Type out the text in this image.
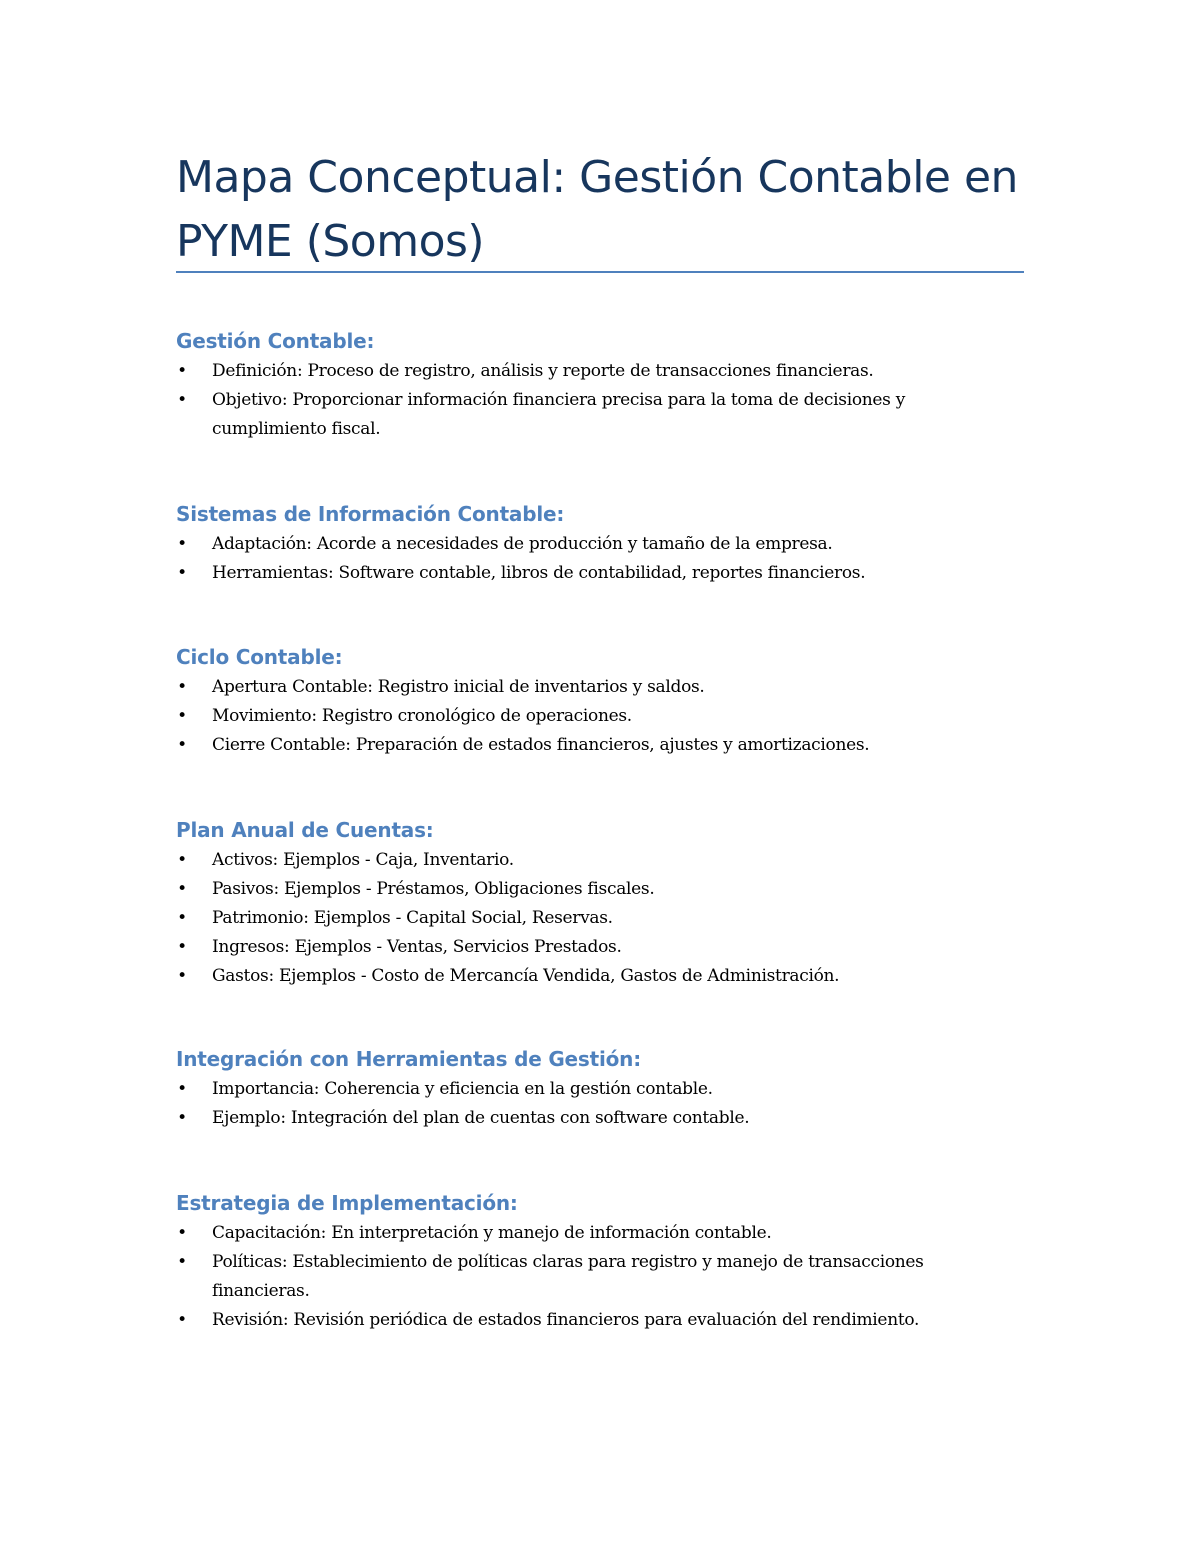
Mapa Conceptual: Gestión Contable en PYME (Somos)
Gestión Contable:
• Definición : Proceso de registro, análisis y reporte de transacciones financieras.
• Objetivo : Proporcionar información financiera precisa para la toma de decisiones y cumplimiento fiscal.
Sistemas de Información Contable:
• Adaptación : Acorde a necesidades de producción y tamaño de la empresa.
• Herramientas : Software contable, libros de contabilidad, reportes financieros.
Ciclo Contable:
• Apertura Contable : Registro inicial de inventarios y saldos.
• Movimiento : Registro cronológico de operaciones.
• Cierre Contable : Preparación de estados financieros, ajustes y amortizaciones.
Plan Anual de Cuentas:
• Activos : Ejemplos - Caja, Inventario.
• Pasivos : Ejemplos - Préstamos, Obligaciones fiscales.
• Patrimonio : Ejemplos - Capital Social, Reservas.
• Ingresos : Ejemplos - Ventas, Servicios Prestados.
• Gastos : Ejemplos - Costo de Mercancía Vendida, Gastos de Administración.
Integración con Herramientas de Gestión:
• Importancia : Coherencia y eficiencia en la gestión contable.
• Ejemplo : Integración del plan de cuentas con software contable.
Estrategia de Implementación:
• Capacitación : En interpretación y manejo de información contable.
• Políticas : Establecimiento de políticas claras para registro y manejo de transacciones financieras.
• Revisión : Revisión periódica de estados financieros para evaluación del rendimiento.
